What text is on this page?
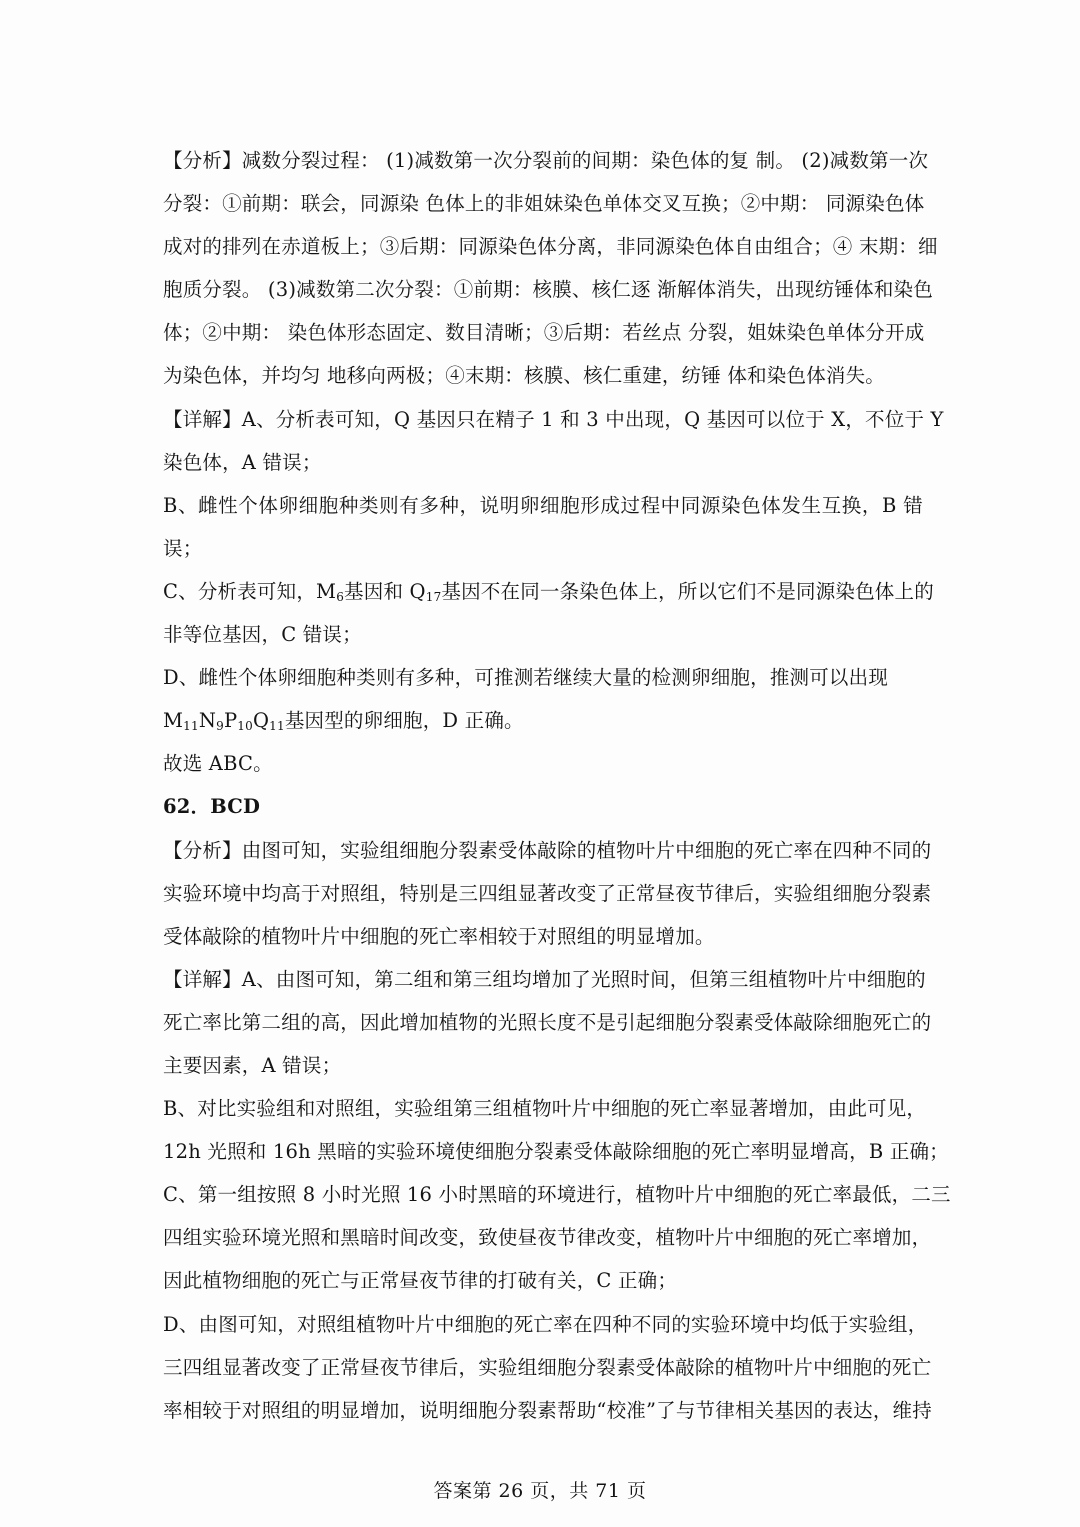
【分析】减数分裂过程： (1)减数第一次分裂前的间期：染色体的复 制。 (2)减数第一次
分裂：①前期：联会，同源染 色体上的非姐妹染色单体交叉互换；②中期： 同源染色体
成对的排列在赤道板上；③后期：同源染色体分离，非同源染色体自由组合；④ 末期：细
胞质分裂。 (3)减数第二次分裂：①前期：核膜、核仁逐 渐解体消失，出现纺锤体和染色
体；②中期： 染色体形态固定、数目清晰；③后期：若丝点 分裂，姐妹染色单体分开成
为染色体，并均匀 地移向两极；④末期：核膜、核仁重建，纺锤 体和染色体消失。
【详解】A、分析表可知，Q 基因只在精子 1 和 3 中出现，Q 基因可以位于 X，不位于 Y
染色体，A 错误；
B、雌性个体卵细胞种类则有多种，说明卵细胞形成过程中同源染色体发生互换，B 错
误；
C、分析表可知，$M_6$基因和 $Q_{17}$基因不在同一条染色体上，所以它们不是同源染色体上的
非等位基因，C 错误；
D、雌性个体卵细胞种类则有多种，可推测若继续大量的检测卵细胞，推测可以出现
$M_{11}N_9P_{10}Q_{11}$基因型的卵细胞，D 正确。
故选 ABC。
62．BCD
【分析】由图可知，实验组细胞分裂素受体敲除的植物叶片中细胞的死亡率在四种不同的
实验环境中均高于对照组，特别是三四组显著改变了正常昼夜节律后，实验组细胞分裂素
受体敲除的植物叶片中细胞的死亡率相较于对照组的明显增加。
【详解】A、由图可知，第二组和第三组均增加了光照时间，但第三组植物叶片中细胞的
死亡率比第二组的高，因此增加植物的光照长度不是引起细胞分裂素受体敲除细胞死亡的
主要因素，A 错误；
B、对比实验组和对照组，实验组第三组植物叶片中细胞的死亡率显著增加，由此可见，
12h 光照和 16h 黑暗的实验环境使细胞分裂素受体敲除细胞的死亡率明显增高，B 正确；
C、第一组按照 8 小时光照 16 小时黑暗的环境进行，植物叶片中细胞的死亡率最低，二三
四组实验环境光照和黑暗时间改变，致使昼夜节律改变，植物叶片中细胞的死亡率增加，
因此植物细胞的死亡与正常昼夜节律的打破有关，C 正确；
D、由图可知，对照组植物叶片中细胞的死亡率在四种不同的实验环境中均低于实验组，
三四组显著改变了正常昼夜节律后，实验组细胞分裂素受体敲除的植物叶片中细胞的死亡
率相较于对照组的明显增加，说明细胞分裂素帮助“校准”了与节律相关基因的表达，维持
答案第 26 页，共 71 页
